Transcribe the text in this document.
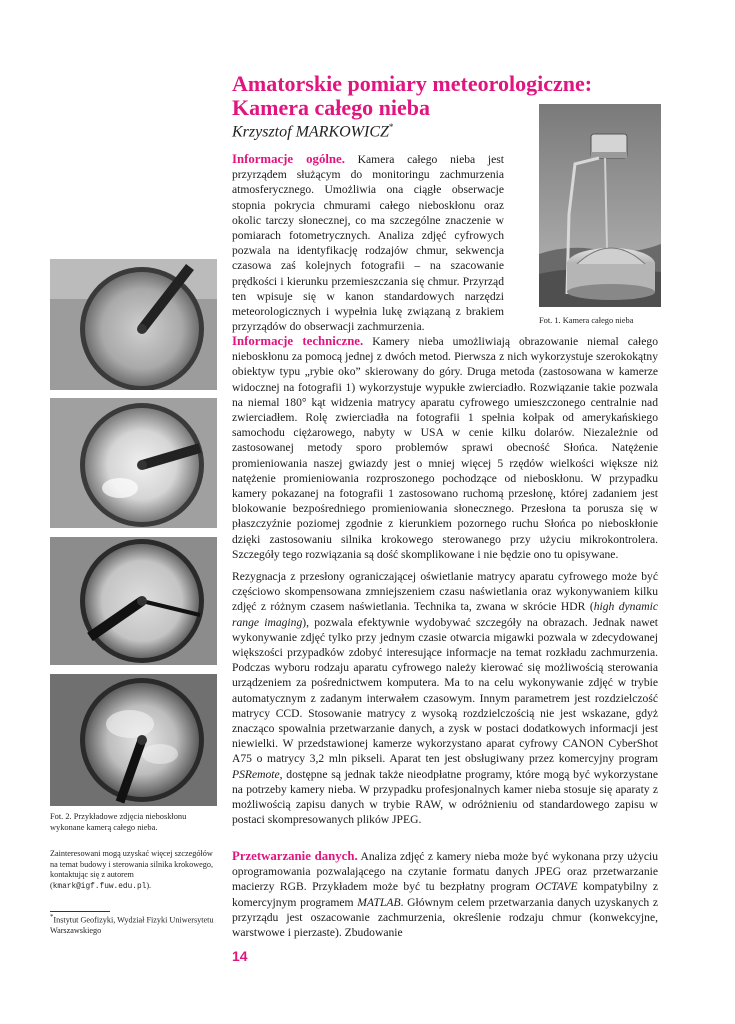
Amatorskie pomiary meteorologiczne:
Kamera całego nieba
Krzysztof MARKOWICZ*
Fot. 1. Kamera całego nieba
Fot. 2. Przykładowe zdjęcia nieboskłonu wykonane kamerą całego nieba.
Zainteresowani mogą uzyskać więcej szczegółów na temat budowy i sterowania silnika krokowego, kontaktując się z autorem (kmark@igf.fuw.edu.pl).
*Instytut Geofizyki, Wydział Fizyki Uniwersytetu Warszawskiego

Informacje ogólne. Kamera całego nieba jest przyrządem służącym do monitoringu zachmurzenia atmosferycznego. Umożliwia ona ciągłe obserwacje stopnia pokrycia chmurami całego nieboskłonu oraz okolic tarczy słonecznej, co ma szczególne znaczenie w pomiarach fotometrycznych. Analiza zdjęć cyfrowych pozwala na identyfikację rodzajów chmur, sekwencja czasowa zaś kolejnych fotografii – na szacowanie prędkości i kierunku przemieszczania się chmur. Przyrząd ten wpisuje się w kanon standardowych narzędzi meteorologicznych i wypełnia lukę związaną z brakiem przyrządów do obserwacji zachmurzenia.

Informacje techniczne. Kamery nieba umożliwiają obrazowanie niemal całego nieboskłonu za pomocą jednej z dwóch metod. Pierwsza z nich wykorzystuje szerokokątny obiektyw typu „rybie oko” skierowany do góry. Druga metoda (zastosowana w kamerze widocznej na fotografii 1) wykorzystuje wypukłe zwierciadło. Rozwiązanie takie pozwala na niemal 180° kąt widzenia matrycy aparatu cyfrowego umieszczonego centralnie nad zwierciadłem. Rolę zwierciadła na fotografii 1 spełnia kołpak od amerykańskiego samochodu ciężarowego, nabyty w USA w cenie kilku dolarów. Niezależnie od zastosowanej metody sporo problemów sprawi obecność Słońca. Natężenie promieniowania naszej gwiazdy jest o mniej więcej 5 rzędów wielkości większe niż natężenie promieniowania rozproszonego pochodzące od nieboskłonu. W przypadku kamery pokazanej na fotografii 1 zastosowano ruchomą przesłonę, której zadaniem jest blokowanie bezpośredniego promieniowania słonecznego. Przesłona ta porusza się w płaszczyźnie poziomej zgodnie z kierunkiem pozornego ruchu Słońca po nieboskłonie dzięki zastosowaniu silnika krokowego sterowanego przy użyciu mikrokontrolera. Szczegóły tego rozwiązania są dość skomplikowane i nie będzie ono tu opisywane.

Rezygnacja z przesłony ograniczającej oświetlanie matrycy aparatu cyfrowego może być częściowo skompensowana zmniejszeniem czasu naświetlania oraz wykonywaniem kilku zdjęć z różnym czasem naświetlania. Technika ta, zwana w skrócie HDR (high dynamic range imaging), pozwala efektywnie wydobywać szczegóły na obrazach. Jednak nawet wykonywanie zdjęć tylko przy jednym czasie otwarcia migawki pozwala w zdecydowanej większości przypadków zdobyć interesujące informacje na temat rozkładu zachmurzenia. Podczas wyboru rodzaju aparatu cyfrowego należy kierować się możliwością sterowania urządzeniem za pośrednictwem komputera. Ma to na celu wykonywanie zdjęć w trybie automatycznym z zadanym interwałem czasowym. Innym parametrem jest rozdzielczość matrycy CCD. Stosowanie matrycy z wysoką rozdzielczością nie jest wskazane, gdyż znacząco spowalnia przetwarzanie danych, a zysk w postaci dodatkowych informacji jest niewielki. W przedstawionej kamerze wykorzystano aparat cyfrowy CANON CyberShot A75 o matrycy 3,2 mln pikseli. Aparat ten jest obsługiwany przez komercyjny program PSRemote, dostępne są jednak także nieodpłatne programy, które mogą być wykorzystane na potrzeby kamery nieba. W przypadku profesjonalnych kamer nieba stosuje się aparaty z możliwością zapisu danych w trybie RAW, w odróżnieniu od standardowego zapisu w postaci skompresowanych plików JPEG.

Przetwarzanie danych. Analiza zdjęć z kamery nieba może być wykonana przy użyciu oprogramowania pozwalającego na czytanie formatu danych JPEG oraz przetwarzanie macierzy RGB. Przykładem może być tu bezpłatny program OCTAVE kompatybilny z komercyjnym programem MATLAB. Głównym celem przetwarzania danych uzyskanych z przyrządu jest oszacowanie zachmurzenia, określenie rodzaju chmur (konwekcyjne, warstwowe i pierzaste). Zbudowanie

14
